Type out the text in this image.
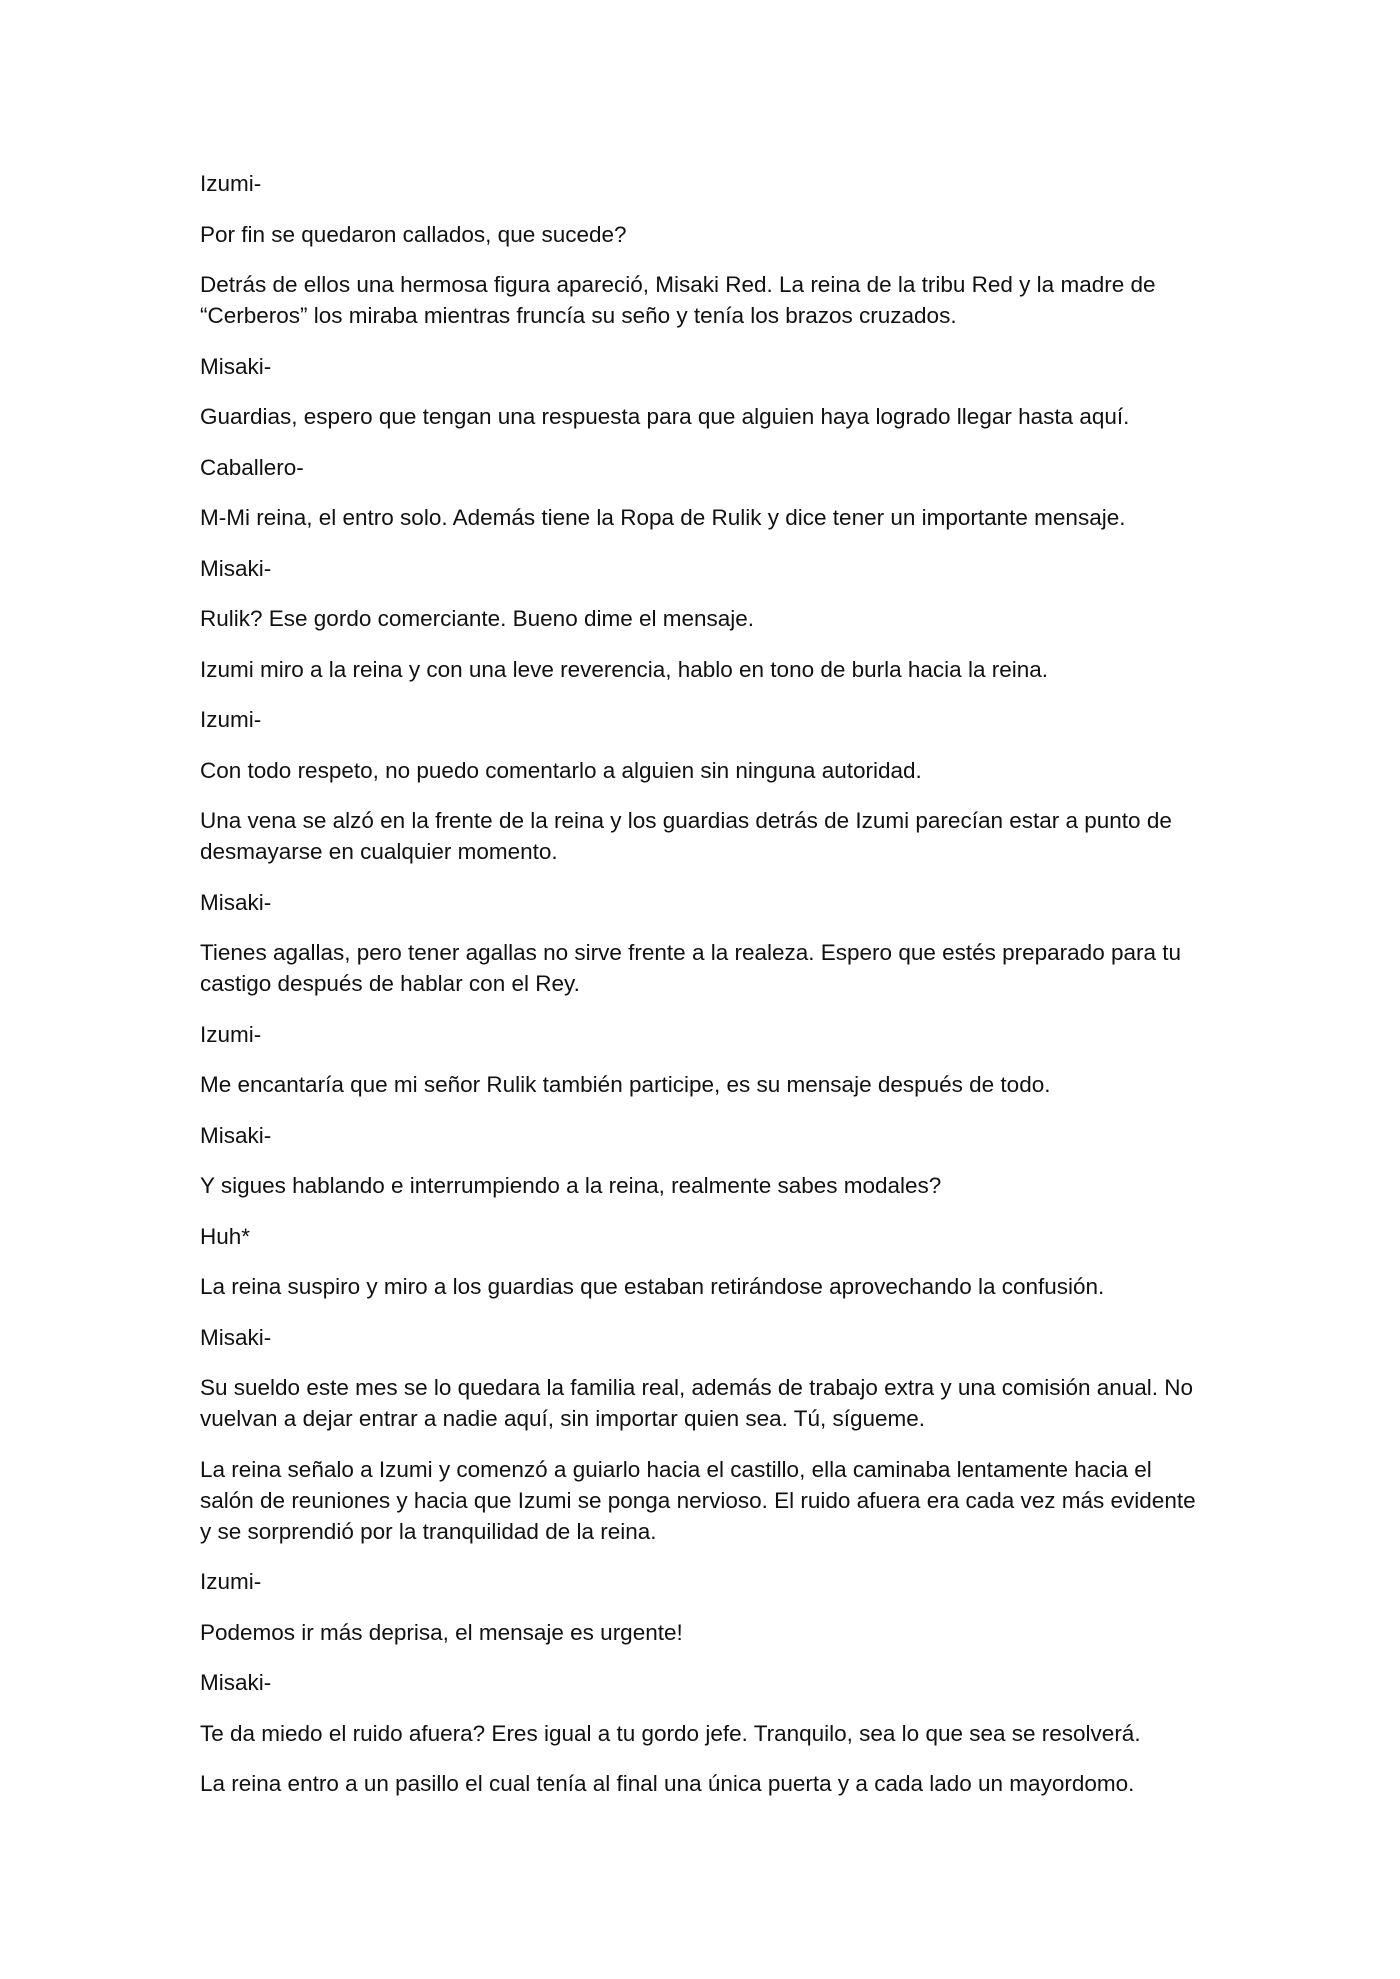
Izumi-

Por fin se quedaron callados, que sucede?

Detrás de ellos una hermosa figura apareció, Misaki Red. La reina de la tribu Red y la madre de “Cerberos” los miraba mientras fruncía su seño y tenía los brazos cruzados.

Misaki-

Guardias, espero que tengan una respuesta para que alguien haya logrado llegar hasta aquí.

Caballero-

M-Mi reina, el entro solo. Además tiene la Ropa de Rulik y dice tener un importante mensaje.

Misaki-

Rulik? Ese gordo comerciante. Bueno dime el mensaje.

Izumi miro a la reina y con una leve reverencia, hablo en tono de burla hacia la reina.

Izumi-

Con todo respeto, no puedo comentarlo a alguien sin ninguna autoridad.

Una vena se alzó en la frente de la reina y los guardias detrás de Izumi parecían estar a punto de desmayarse en cualquier momento.

Misaki-

Tienes agallas, pero tener agallas no sirve frente a la realeza. Espero que estés preparado para tu castigo después de hablar con el Rey.

Izumi-

Me encantaría que mi señor Rulik también participe, es su mensaje después de todo.

Misaki-

Y sigues hablando e interrumpiendo a la reina, realmente sabes modales?

Huh*

La reina suspiro y miro a los guardias que estaban retirándose aprovechando la confusión.

Misaki-

Su sueldo este mes se lo quedara la familia real, además de trabajo extra y una comisión anual. No vuelvan a dejar entrar a nadie aquí, sin importar quien sea. Tú, sígueme.

La reina señalo a Izumi y comenzó a guiarlo hacia el castillo, ella caminaba lentamente hacia el salón de reuniones y hacia que Izumi se ponga nervioso. El ruido afuera era cada vez más evidente y se sorprendió por la tranquilidad de la reina.

Izumi-

Podemos ir más deprisa, el mensaje es urgente!

Misaki-

Te da miedo el ruido afuera? Eres igual a tu gordo jefe. Tranquilo, sea lo que sea se resolverá.

La reina entro a un pasillo el cual tenía al final una única puerta y a cada lado un mayordomo.
